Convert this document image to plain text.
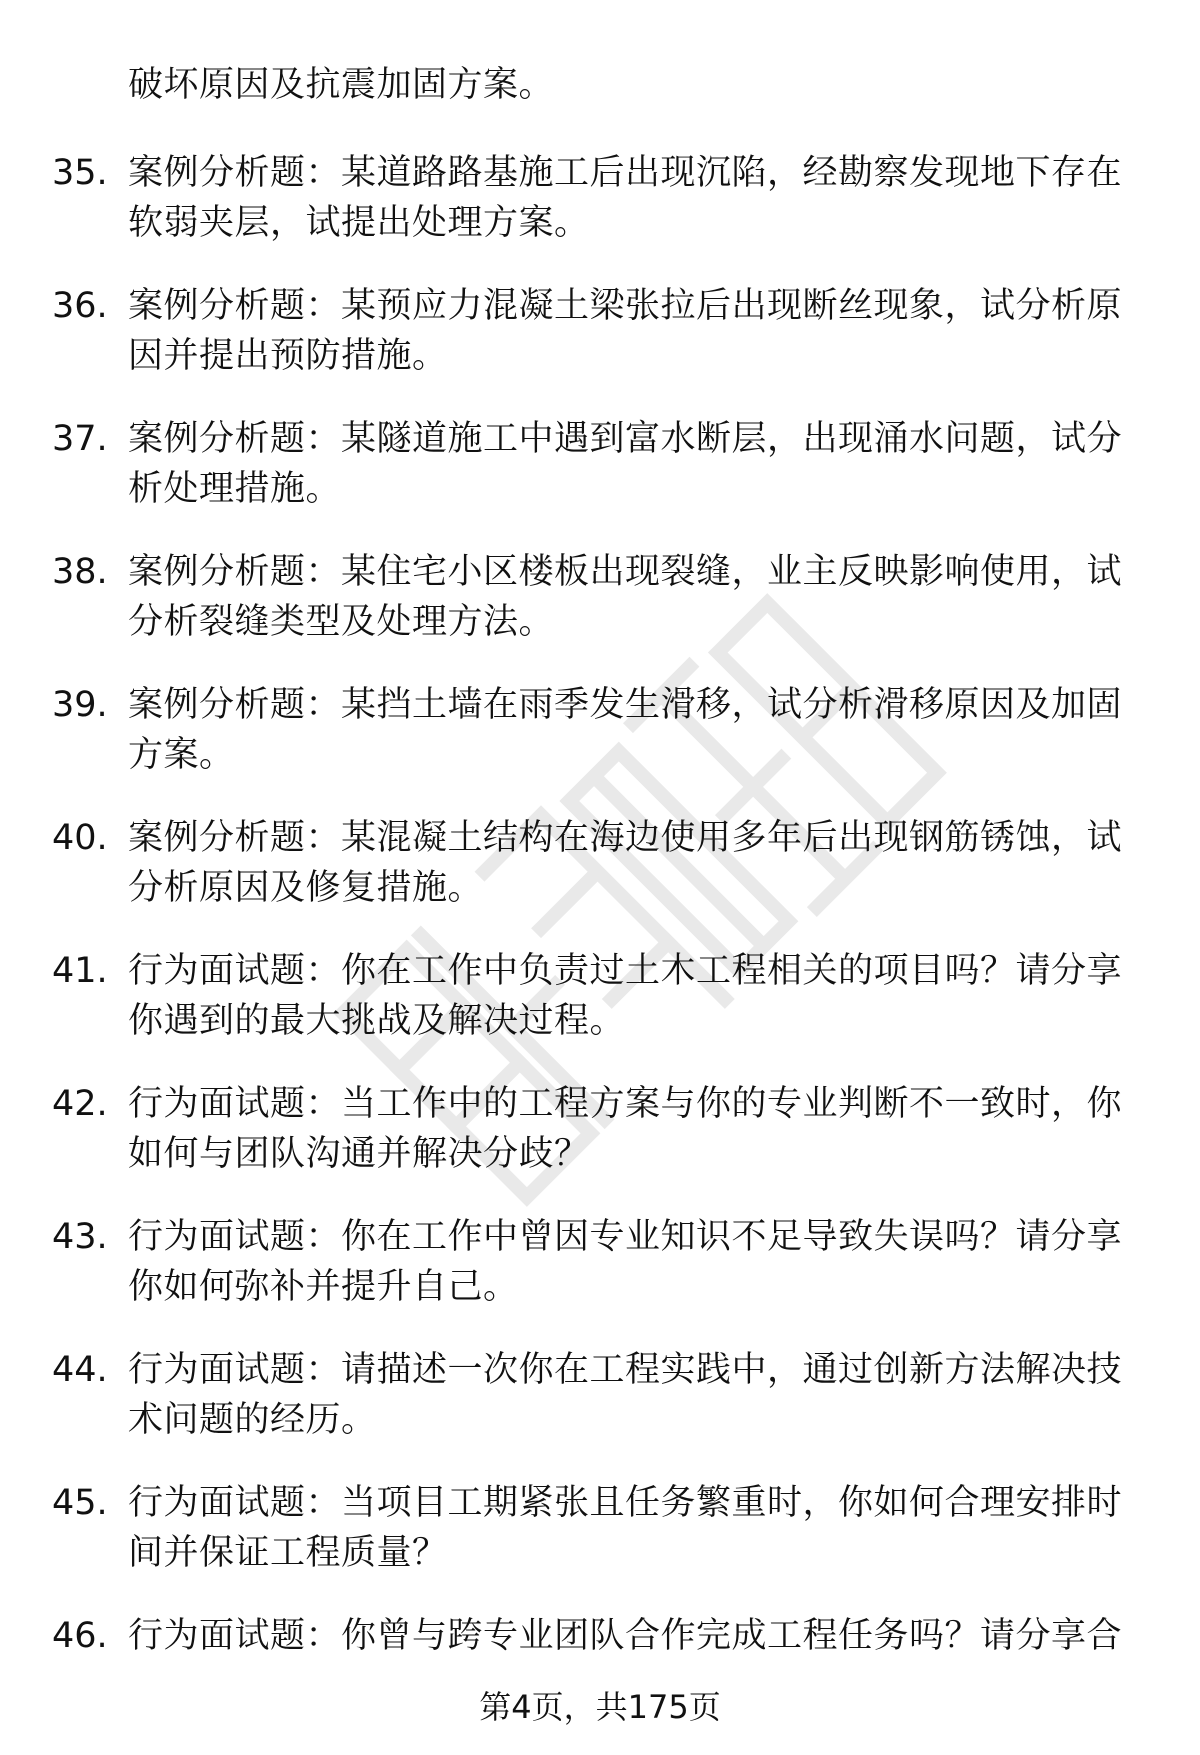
破坏原因及抗震加固方案。
35. 案例分析题：某道路路基施工后出现沉陷，经勘察发现地下存在
软弱夹层，试提出处理方案。
36. 案例分析题：某预应力混凝土梁张拉后出现断丝现象，试分析原
因并提出预防措施。
37. 案例分析题：某隧道施工中遇到富水断层，出现涌水问题，试分
析处理措施。
38. 案例分析题：某住宅小区楼板出现裂缝，业主反映影响使用，试
分析裂缝类型及处理方法。
39. 案例分析题：某挡土墙在雨季发生滑移，试分析滑移原因及加固
方案。
40. 案例分析题：某混凝土结构在海边使用多年后出现钢筋锈蚀，试
分析原因及修复措施。
41. 行为面试题：你在工作中负责过土木工程相关的项目吗？请分享
你遇到的最大挑战及解决过程。
42. 行为面试题：当工作中的工程方案与你的专业判断不一致时，你
如何与团队沟通并解决分歧？
43. 行为面试题：你在工作中曾因专业知识不足导致失误吗？请分享
你如何弥补并提升自己。
44. 行为面试题：请描述一次你在工程实践中，通过创新方法解决技
术问题的经历。
45. 行为面试题：当项目工期紧张且任务繁重时，你如何合理安排时
间并保证工程质量？
46. 行为面试题：你曾与跨专业团队合作完成工程任务吗？请分享合
第4页，共175页
